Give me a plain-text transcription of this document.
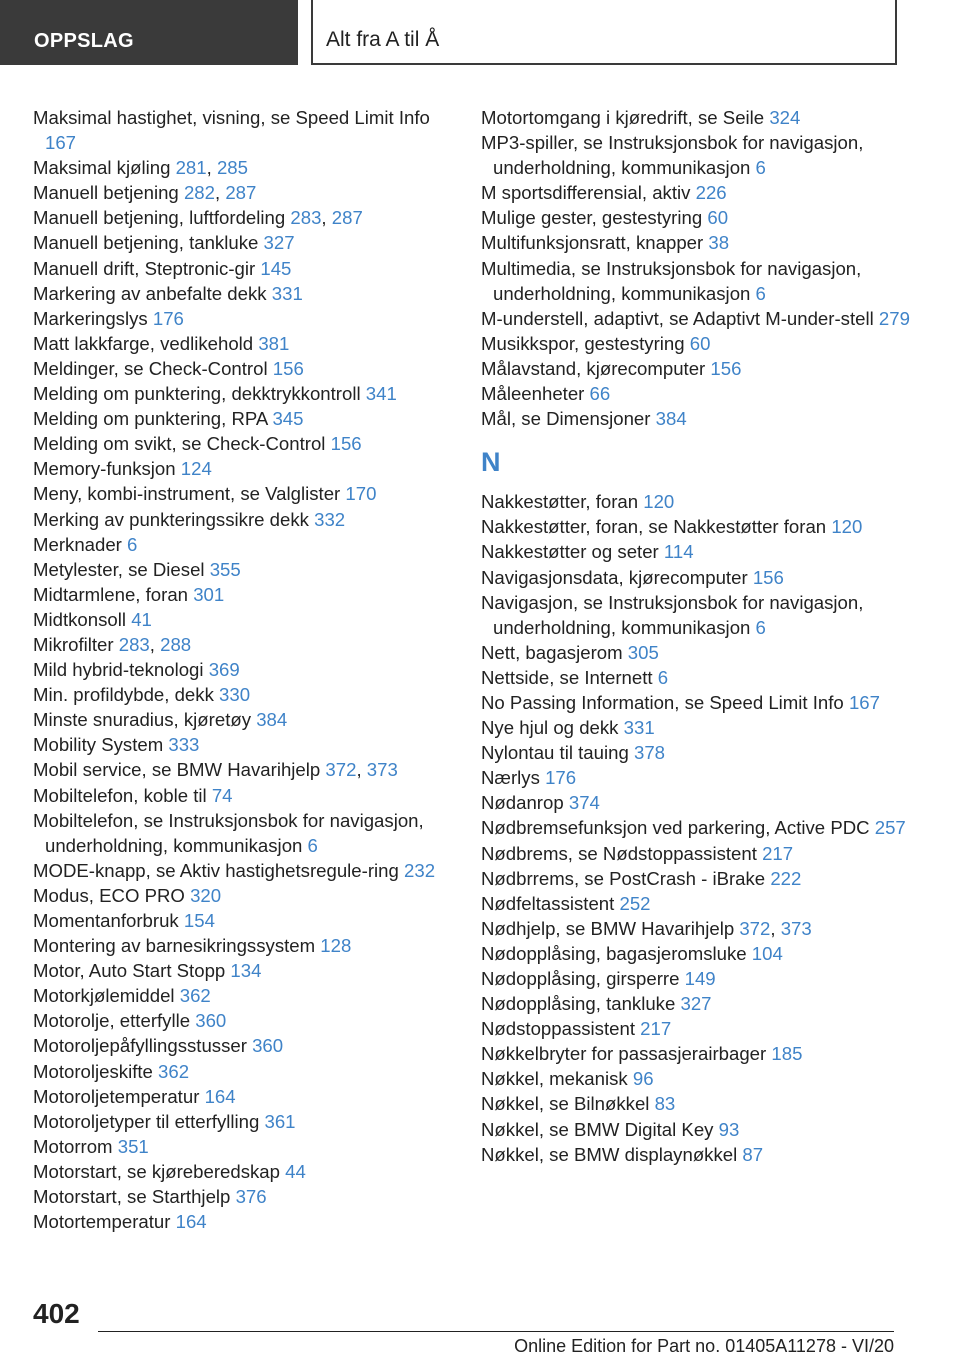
OPPSLAG	Alt fra A til Å
Maksimal hastighet, visning, se Speed Limit Info 167
Maksimal kjøling 281, 285
Manuell betjening 282, 287
Manuell betjening, luftfordeling 283, 287
Manuell betjening, tankluke 327
Manuell drift, Steptronic-gir 145
Markering av anbefalte dekk 331
Markeringslys 176
Matt lakkfarge, vedlikehold 381
Meldinger, se Check-Control 156
Melding om punktering, dekktrykkontroll 341
Melding om punktering, RPA 345
Melding om svikt, se Check-Control 156
Memory-funksjon 124
Meny, kombi-instrument, se Valglister 170
Merking av punkteringssikre dekk 332
Merknader 6
Metylester, se Diesel 355
Midtarmlene, foran 301
Midtkonsoll 41
Mikrofilter 283, 288
Mild hybrid-teknologi 369
Min. profildybde, dekk 330
Minste snuradius, kjøretøy 384
Mobility System 333
Mobil service, se BMW Havarihjelp 372, 373
Mobiltelefon, koble til 74
Mobiltelefon, se Instruksjonsbok for navigasjon, underholdning, kommunikasjon 6
MODE-knapp, se Aktiv hastighetsregule-ring 232
Modus, ECO PRO 320
Momentanforbruk 154
Montering av barnesikringssystem 128
Motor, Auto Start Stopp 134
Motorkjølemiddel 362
Motorolje, etterfylle 360
Motoroljepåfyllingsstusser 360
Motoroljeskifte 362
Motoroljetemperatur 164
Motoroljetyper til etterfylling 361
Motorrom 351
Motorstart, se kjøreberedskap 44
Motorstart, se Starthjelp 376
Motortemperatur 164
Motortomgang i kjøredrift, se Seile 324
MP3-spiller, se Instruksjonsbok for navigasjon, underholdning, kommunikasjon 6
M sportsdifferensial, aktiv 226
Mulige gester, gestestyring 60
Multifunksjonsratt, knapper 38
Multimedia, se Instruksjonsbok for navigasjon, underholdning, kommunikasjon 6
M-understell, adaptivt, se Adaptivt M-under-stell 279
Musikkspor, gestestyring 60
Målavstand, kjørecomputer 156
Måleenheter 66
Mål, se Dimensjoner 384
N
Nakkestøtter, foran 120
Nakkestøtter, foran, se Nakkestøtter foran 120
Nakkestøtter og seter 114
Navigasjonsdata, kjørecomputer 156
Navigasjon, se Instruksjonsbok for navigasjon, underholdning, kommunikasjon 6
Nett, bagasjerom 305
Nettside, se Internett 6
No Passing Information, se Speed Limit Info 167
Nye hjul og dekk 331
Nylontau til tauing 378
Nærlys 176
Nødanrop 374
Nødbremsefunksjon ved parkering, Active PDC 257
Nødbrems, se Nødstoppassistent 217
Nødbrrems, se PostCrash - iBrake 222
Nødfeltassistent 252
Nødhjelp, se BMW Havarihjelp 372, 373
Nødopplåsing, bagasjeromsluke 104
Nødopplåsing, girsperre 149
Nødopplåsing, tankluke 327
Nødstoppassistent 217
Nøkkelbryter for passasjerairbager 185
Nøkkel, mekanisk 96
Nøkkel, se Bilnøkkel 83
Nøkkel, se BMW Digital Key 93
Nøkkel, se BMW displaynøkkel 87
402
Online Edition for Part no. 01405A11278 - VI/20
